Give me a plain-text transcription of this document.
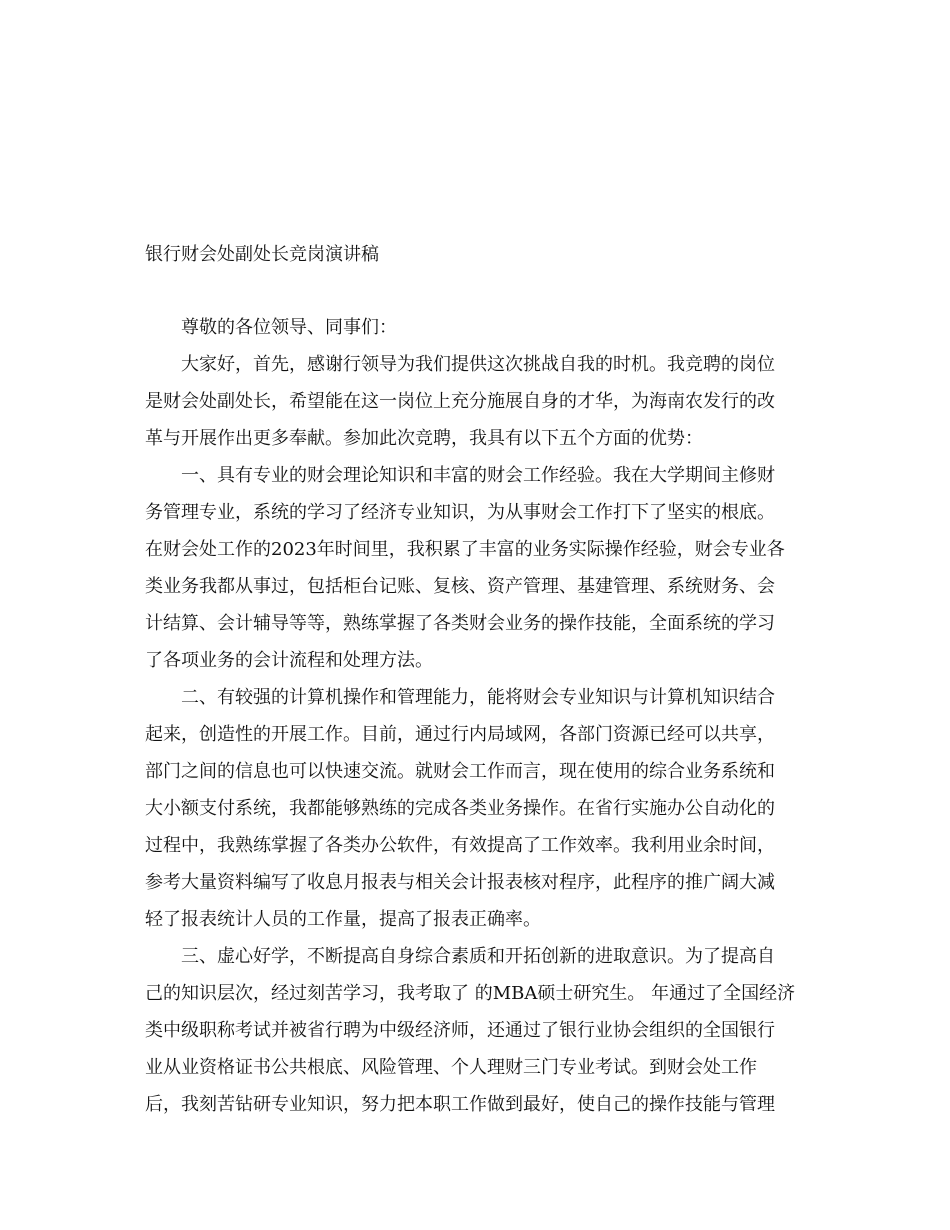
银行财会处副处长竞岗演讲稿
尊敬的各位领导、同事们：
大家好，首先，感谢行领导为我们提供这次挑战自我的时机。我竞聘的岗位
是财会处副处长，希望能在这一岗位上充分施展自身的才华，为海南农发行的改
革与开展作出更多奉献。参加此次竞聘，我具有以下五个方面的优势：
一、具有专业的财会理论知识和丰富的财会工作经验。我在大学期间主修财
务管理专业，系统的学习了经济专业知识，为从事财会工作打下了坚实的根底。
在财会处工作的2023年时间里，我积累了丰富的业务实际操作经验，财会专业各
类业务我都从事过，包括柜台记账、复核、资产管理、基建管理、系统财务、会
计结算、会计辅导等等，熟练掌握了各类财会业务的操作技能，全面系统的学习
了各项业务的会计流程和处理方法。
二、有较强的计算机操作和管理能力，能将财会专业知识与计算机知识结合
起来，创造性的开展工作。目前，通过行内局域网，各部门资源已经可以共享，
部门之间的信息也可以快速交流。就财会工作而言，现在使用的综合业务系统和
大小额支付系统，我都能够熟练的完成各类业务操作。在省行实施办公自动化的
过程中，我熟练掌握了各类办公软件，有效提高了工作效率。我利用业余时间，
参考大量资料编写了收息月报表与相关会计报表核对程序，此程序的推广阔大减
轻了报表统计人员的工作量，提高了报表正确率。
三、虚心好学，不断提高自身综合素质和开拓创新的进取意识。为了提高自
己的知识层次，经过刻苦学习，我考取了 的MBA硕士研究生。 年通过了全国经济
类中级职称考试并被省行聘为中级经济师，还通过了银行业协会组织的全国银行
业从业资格证书公共根底、风险管理、个人理财三门专业考试。到财会处工作
后，我刻苦钻研专业知识，努力把本职工作做到最好，使自己的操作技能与管理
